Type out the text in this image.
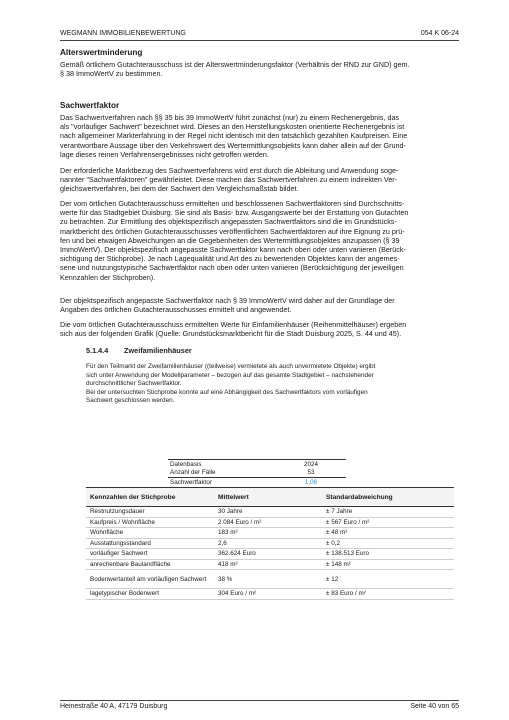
WEGMANN IMMOBILIENBEWERTUNG	054 K 06-24
Alterswertminderung
Gemäß örtlichem Gutachterausschuss ist der Alterswertminderungsfaktor (Verhältnis der RND zur GND) gem.
§ 38 ImmoWertV zu bestimmen.
Sachwertfaktor
Das Sachwertverfahren nach §§ 35 bis 39 ImmoWertV führt zunächst (nur) zu einem Rechenergebnis, das
als "vorläufiger Sachwert" bezeichnet wird. Dieses an den Herstellungskosten orientierte Rechenergebnis ist
nach allgemeiner Markterfahrung in der Regel nicht identisch mit den tatsächlich gezahlten Kaufpreisen. Eine
verantwortbare Aussage über den Verkehrswert des Wertermittlungsobjekts kann daher allein auf der Grund-
lage dieses reinen Verfahrensergebnisses nicht getroffen werden.
Der erforderliche Marktbezug des Sachwertverfahrens wird erst durch die Ableitung und Anwendung soge-
nannter "Sachwertfaktoren" gewährleistet. Diese machen das Sachwertverfahren zu einem indirekten Ver-
gleichswertverfahren, bei dem der Sachwert den Vergleichsmaßstab bildet.
Der vom örtlichen Gutachterausschuss ermittelten und beschlossenen Sachwertfaktoren sind Durchschnitts-
werte für das Stadtgebiet Duisburg. Sie sind als Basis- bzw. Ausgangswerte bei der Erstattung von Gutachten
zu betrachten. Zur Ermittlung des objektspezifisch angepassten Sachwertfaktors sind die im Grundstücks-
marktbericht des örtlichen Gutachterausschusses veröffentlichten Sachwertfaktoren auf ihre Eignung zu prü-
fen und bei etwaigen Abweichungen an die Gegebenheiten des Wertermittlungsobjektes anzupassen (§ 39
ImmoWertV). Der objektspezifisch angepasste Sachwertfaktor kann nach oben oder unten variieren (Berück-
sichtigung der Stichprobe). Je nach Lagequalität und Art des zu bewertenden Objektes kann der angemes-
sene und nutzungstypische Sachwertfaktor nach oben oder unten variieren (Berücksichtigung der jeweiligen
Kennzahlen der Stichproben).
Der objektspezifisch angepasste Sachwertfaktor nach § 39 ImmoWertV wird daher auf der Grundlage der
Angaben des örtlichen Gutachterausschusses ermittelt und angewendet.
Die vom örtlichen Gutachterausschuss ermittelten Werte für Einfamilienhäuser (Reihenmittelhäuser) ergeben
sich aus der folgenden Grafik (Quelle: Grundstücksmarktbericht für die Stadt Duisburg 2025, S. 44 und 45).
5.1.4.4 Zweifamilienhäuser
Für den Teilmarkt der Zweifamilienhäuser ((teilweise) vermietete als auch unvermietete Objekte) ergibt
sich unter Anwendung der Modellparameter – bezogen auf das gesamte Stadtgebiet – nachstehender
durchschnittlicher Sachwertfaktor.
Bei der untersuchten Stichprobe konnte auf eine Abhängigkeit des Sachwertfaktors vom vorläufigen
Sachwert geschlossen werden.
Datenbasis	2024
Anzahl der Fälle	53
Sachwertfaktor	1,06

Kennzahlen der Stichprobe	Mittelwert	Standardabweichung
Restnutzungsdauer	30 Jahre	± 7 Jahre
Kaufpreis / Wohnfläche	2.084 Euro / m²	± 567 Euro / m²
Wohnfläche	183 m²	± 48 m²
Ausstattungsstandard	2,6	± 0,2
vorläufiger Sachwert	362.624 Euro	± 138.513 Euro
anrechenbare Baulandfläche	418 m²	± 148 m²
Bodenwertanteil am vorläufigen Sachwert	38 %	± 12
lagetypischer Bodenwert	304 Euro / m²	± 83 Euro / m²
Heinestraße 40 A, 47179 Duisburg	Seite 40 von 65
